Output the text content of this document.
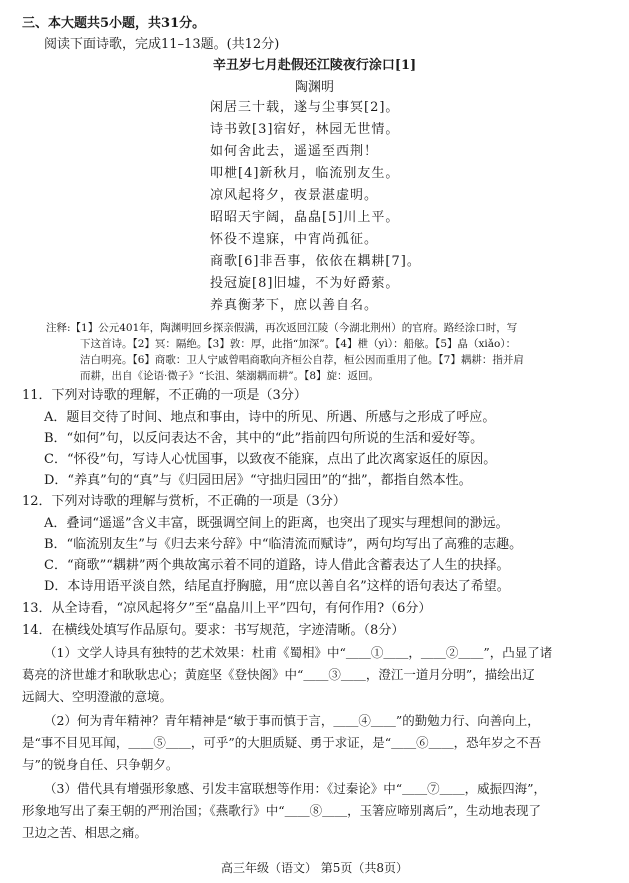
三、本大题共5小题，共31分。
阅读下面诗歌，完成11–13题。(共12分)
辛丑岁七月赴假还江陵夜行涂口[1]
陶渊明
闲居三十载，遂与尘事冥[2]。
诗书敦[3]宿好，林园无世情。
如何舍此去，遥遥至西荆！
叩枻[4]新秋月，临流别友生。
凉风起将夕，夜景湛虚明。
昭昭天宇阔，皛皛[5]川上平。
怀役不遑寐，中宵尚孤征。
商歌[6]非吾事，依依在耦耕[7]。
投冠旋[8]旧墟，不为好爵萦。
养真衡茅下，庶以善自名。
注释:【1】公元401年，陶渊明回乡探亲假满，再次返回江陵（今湖北荆州）的官府。路经涂口时，写
下这首诗。【2】冥：隔绝。【3】敦：厚，此指“加深”。【4】枻（yì）：船舷。【5】皛（xiǎo）：
洁白明亮。【6】商歌：卫人宁戚曾唱商歌向齐桓公自荐，桓公因而重用了他。【7】耦耕：指并肩
而耕，出自《论语·微子》“长沮、桀溺耦而耕”。【8】旋：返回。
11．下列对诗歌的理解，不正确的一项是（3分）
A．题目交待了时间、地点和事由，诗中的所见、所遇、所感与之形成了呼应。
B．“如何”句，以反问表达不舍，其中的“此”指前四句所说的生活和爱好等。
C．“怀役”句，写诗人心忧国事，以致夜不能寐，点出了此次离家返任的原因。
D．“养真”句的“真”与《归园田居》“守拙归园田”的“拙”，都指自然本性。
12．下列对诗歌的理解与赏析，不正确的一项是（3分）
A．叠词“遥遥”含义丰富，既强调空间上的距离，也突出了现实与理想间的渺远。
B．“临流别友生”与《归去来兮辞》中“临清流而赋诗”，两句均写出了高雅的志趣。
C．“商歌”“耦耕”两个典故寓示着不同的道路，诗人借此含蓄表达了人生的抉择。
D．本诗用语平淡自然，结尾直抒胸臆，用“庶以善自名”这样的语句表达了希望。
13．从全诗看，“凉风起将夕”至“皛皛川上平”四句，有何作用?（6分）
14．在横线处填写作品原句。要求：书写规范，字迹清晰。（8分）
（1）文学人诗具有独特的艺术效果：杜甫《蜀相》中“＿＿①＿＿，＿＿②＿＿”，凸显了诸
葛亮的济世雄才和耿耿忠心；黄庭坚《登快阁》中“＿＿③＿＿，澄江一道月分明”，描绘出辽
远阔大、空明澄澈的意境。
（2）何为青年精神？青年精神是“敏于事而慎于言，＿＿④＿＿”的勤勉力行、向善向上，
是“事不目见耳闻，＿＿⑤＿＿，可乎”的大胆质疑、勇于求证，是“＿＿⑥＿＿，恐年岁之不吾
与”的锐身自任、只争朝夕。
（3）借代具有增强形象感、引发丰富联想等作用：《过秦论》中“＿＿⑦＿＿，威振四海”，
形象地写出了秦王朝的严刑治国；《燕歌行》中“＿＿⑧＿＿，玉箸应啼别离后”，生动地表现了
卫边之苦、相思之痛。
高三年级（语文） 第5页（共8页）
